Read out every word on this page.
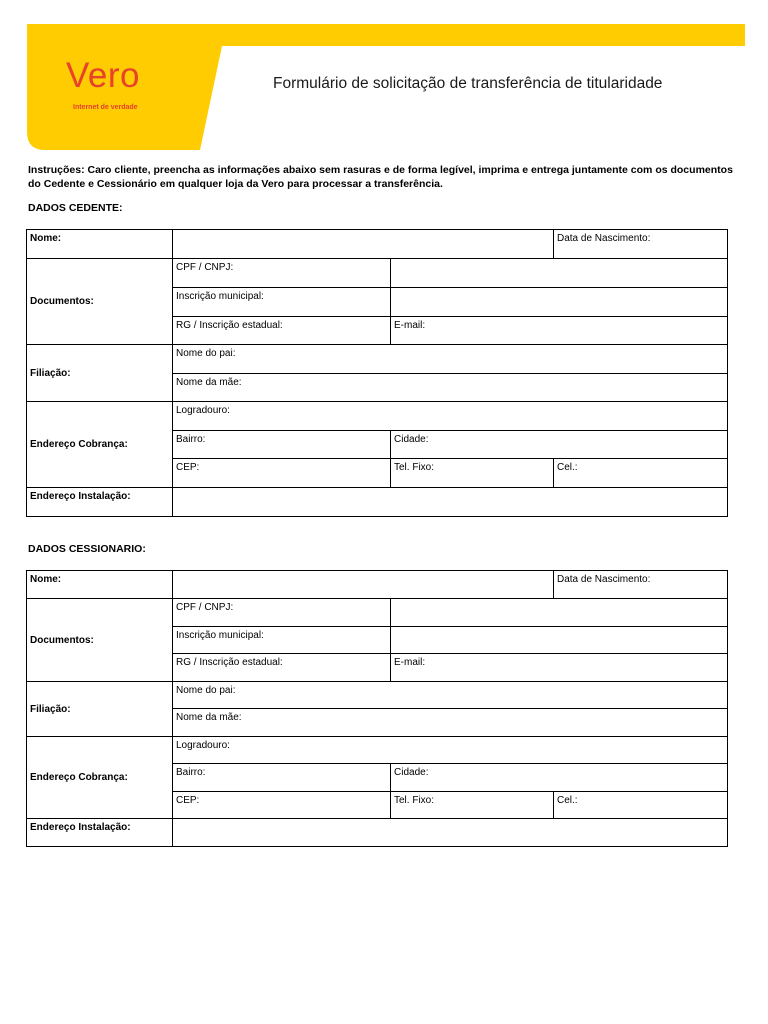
Vero
Internet de verdade
Formulário de solicitação de transferência de titularidade
Instruções: Caro cliente, preencha as informações abaixo sem rasuras e de forma legível, imprima e entrega juntamente com os documentos do Cedente e Cessionário em qualquer loja da Vero para processar a transferência.
DADOS CEDENTE:
Nome:			Data de Nascimento:
Documentos:	CPF / CNPJ:		
	Inscrição municipal:		
	RG / Inscrição estadual:	E-mail:	
Filiação:	Nome do pai:		
	Nome da mãe:		
Endereço Cobrança:	Logradouro:		
	Bairro:	Cidade:	
	CEP:	Tel. Fixo:	Cel.:
Endereço Instalação:			
DADOS CESSIONARIO:
Nome:			Data de Nascimento:
Documentos:	CPF / CNPJ:		
	Inscrição municipal:		
	RG / Inscrição estadual:	E-mail:	
Filiação:	Nome do pai:		
	Nome da mãe:		
Endereço Cobrança:	Logradouro:		
	Bairro:	Cidade:	
	CEP:	Tel. Fixo:	Cel.:
Endereço Instalação:			
